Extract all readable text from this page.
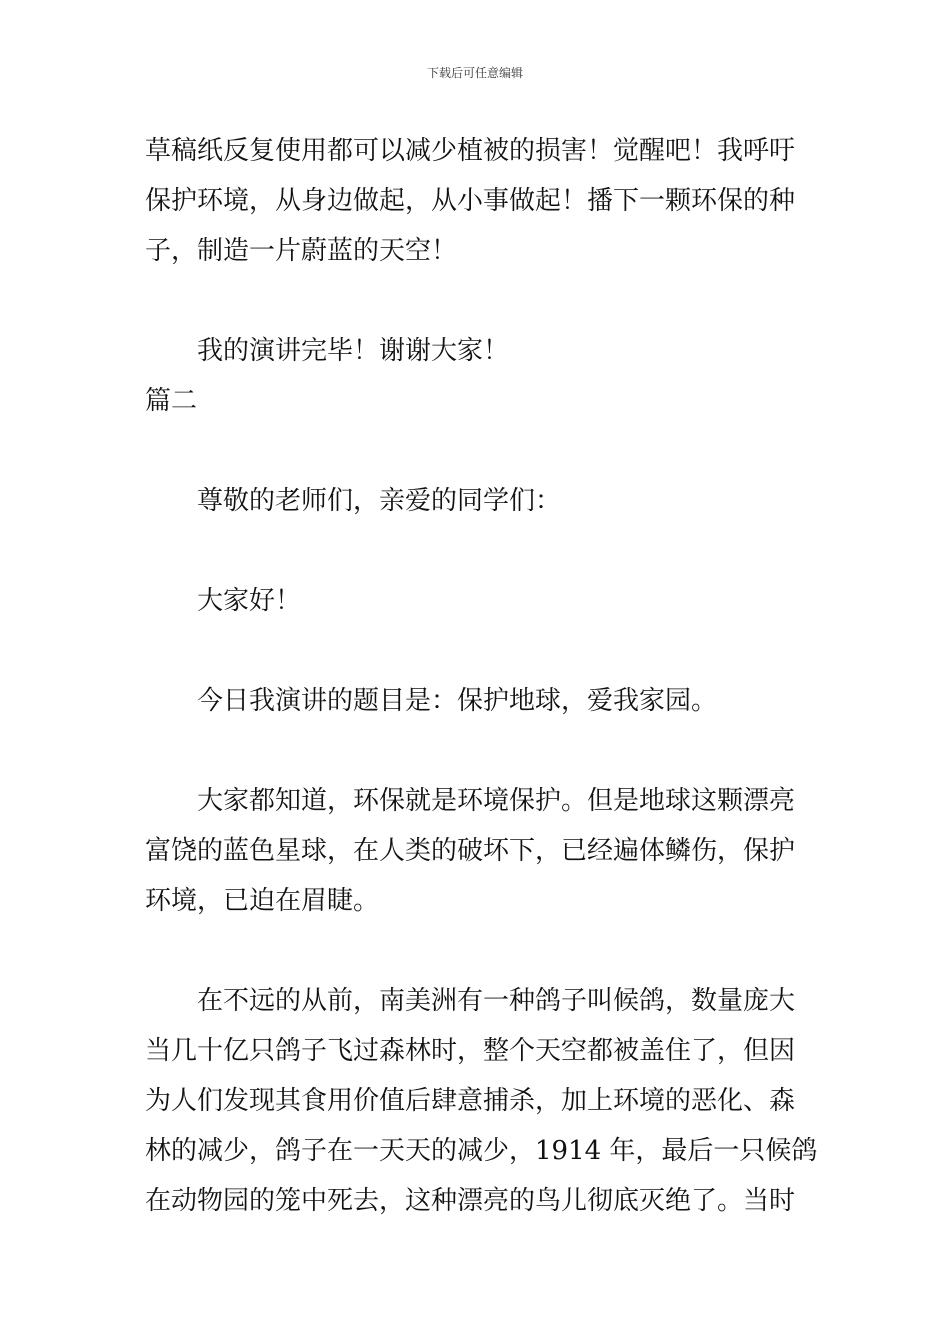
下载后可任意编辑
草稿纸反复使用都可以减少植被的损害！觉醒吧！我呼吁
保护环境，从身边做起，从小事做起！播下一颗环保的种
子，制造一片蔚蓝的天空！
我的演讲完毕！谢谢大家！
篇二
尊敬的老师们，亲爱的同学们：
大家好！
今日我演讲的题目是：保护地球，爱我家园。
大家都知道，环保就是环境保护。但是地球这颗漂亮
富饶的蓝色星球，在人类的破坏下，已经遍体鳞伤，保护
环境，已迫在眉睫。
在不远的从前，南美洲有一种鸽子叫候鸽，数量庞大
当几十亿只鸽子飞过森林时，整个天空都被盖住了，但因
为人们发现其食用价值后肆意捕杀，加上环境的恶化、森
林的减少，鸽子在一天天的减少，1914 年，最后一只候鸽
在动物园的笼中死去，这种漂亮的鸟儿彻底灭绝了。当时
